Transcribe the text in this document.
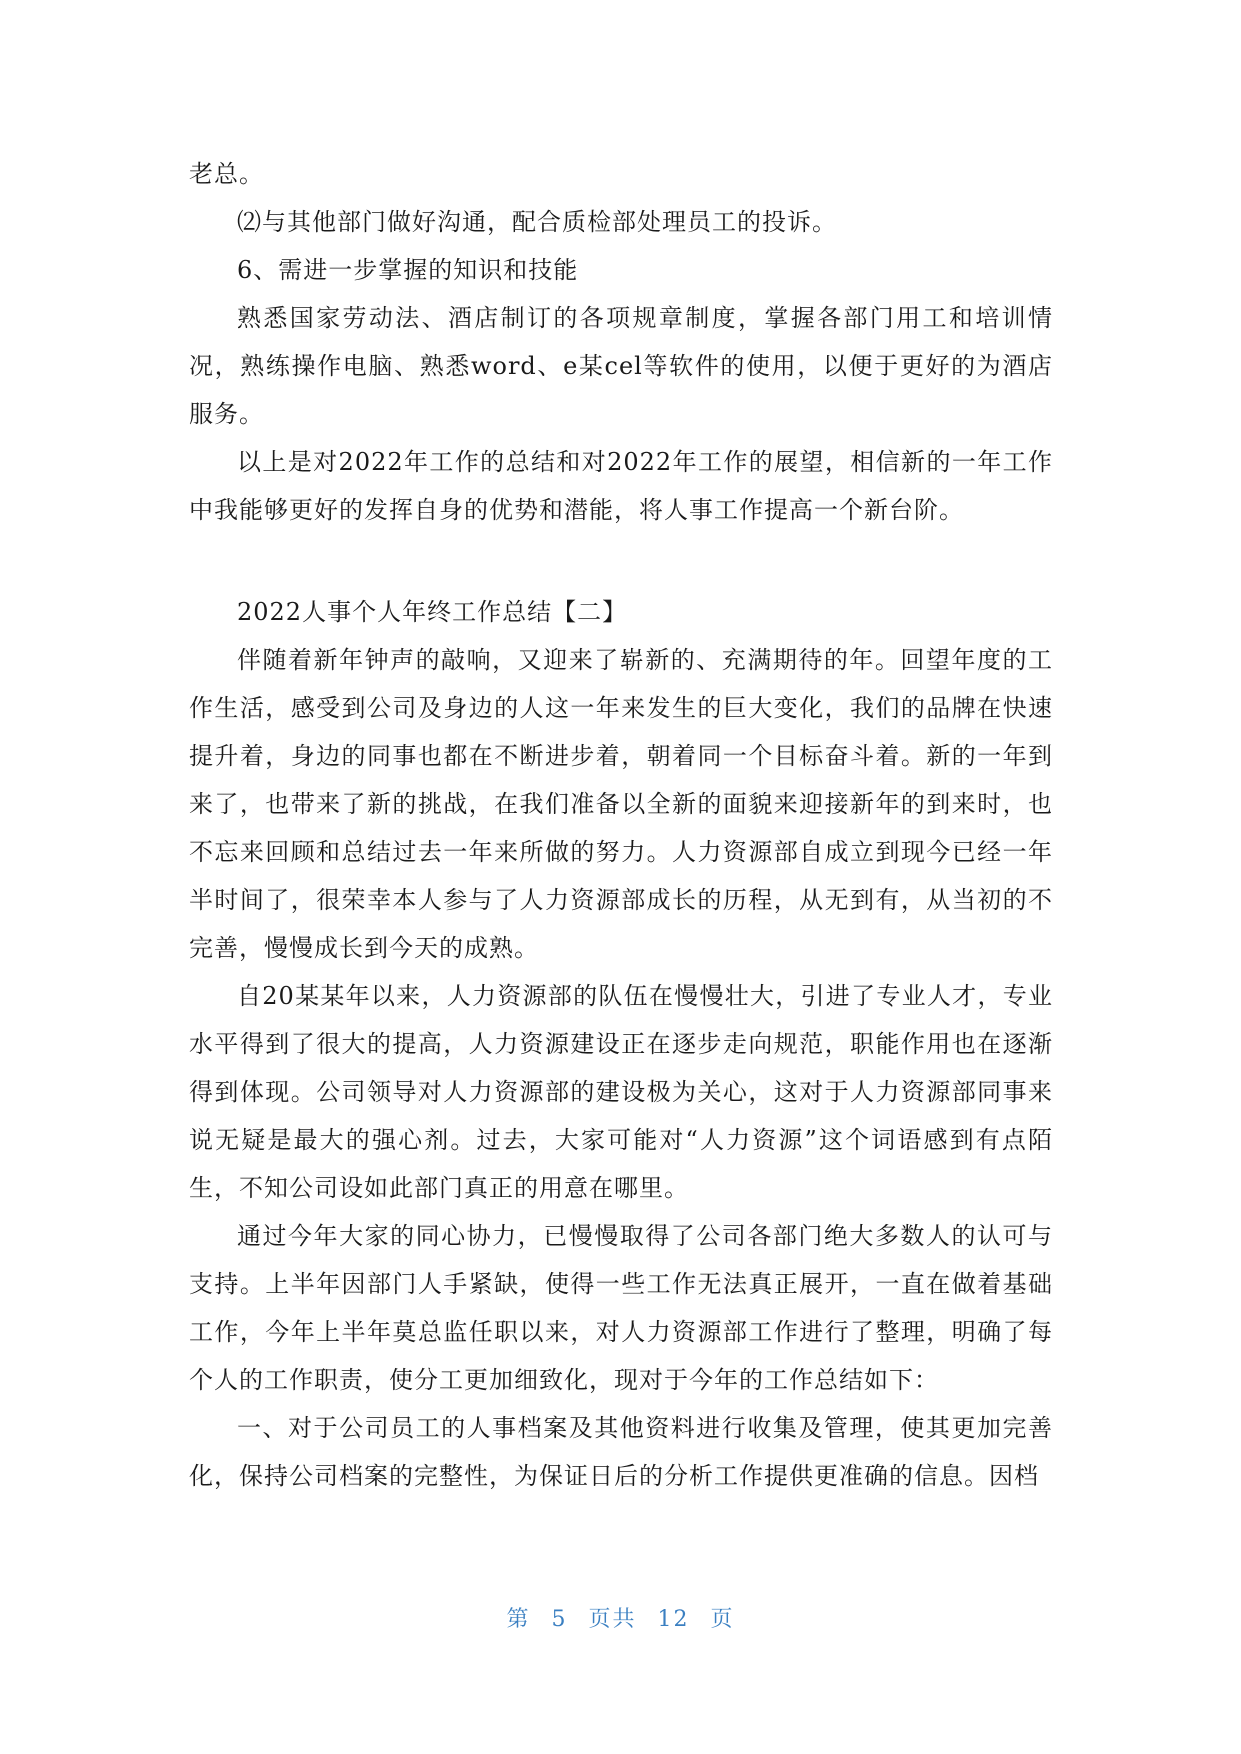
老总。

⑵与其他部门做好沟通，配合质检部处理员工的投诉。

6、需进一步掌握的知识和技能

熟悉国家劳动法、酒店制订的各项规章制度，掌握各部门用工和培训情况，熟练操作电脑、熟悉word、e某cel等软件的使用，以便于更好的为酒店服务。

以上是对2022年工作的总结和对2022年工作的展望，相信新的一年工作中我能够更好的发挥自身的优势和潜能，将人事工作提高一个新台阶。

2022人事个人年终工作总结【二】

伴随着新年钟声的敲响，又迎来了崭新的、充满期待的年。回望年度的工作生活，感受到公司及身边的人这一年来发生的巨大变化，我们的品牌在快速提升着，身边的同事也都在不断进步着，朝着同一个目标奋斗着。新的一年到来了，也带来了新的挑战，在我们准备以全新的面貌来迎接新年的到来时，也不忘来回顾和总结过去一年来所做的努力。人力资源部自成立到现今已经一年半时间了，很荣幸本人参与了人力资源部成长的历程，从无到有，从当初的不完善，慢慢成长到今天的成熟。

自20某某年以来，人力资源部的队伍在慢慢壮大，引进了专业人才，专业水平得到了很大的提高，人力资源建设正在逐步走向规范，职能作用也在逐渐得到体现。公司领导对人力资源部的建设极为关心，这对于人力资源部同事来说无疑是最大的强心剂。过去，大家可能对“人力资源”这个词语感到有点陌生，不知公司设如此部门真正的用意在哪里。

通过今年大家的同心协力，已慢慢取得了公司各部门绝大多数人的认可与支持。上半年因部门人手紧缺，使得一些工作无法真正展开，一直在做着基础工作，今年上半年莫总监任职以来，对人力资源部工作进行了整理，明确了每个人的工作职责，使分工更加细致化，现对于今年的工作总结如下：

一、对于公司员工的人事档案及其他资料进行收集及管理，使其更加完善化，保持公司档案的完整性，为保证日后的分析工作提供更准确的信息。因档

第 5 页共 12 页
